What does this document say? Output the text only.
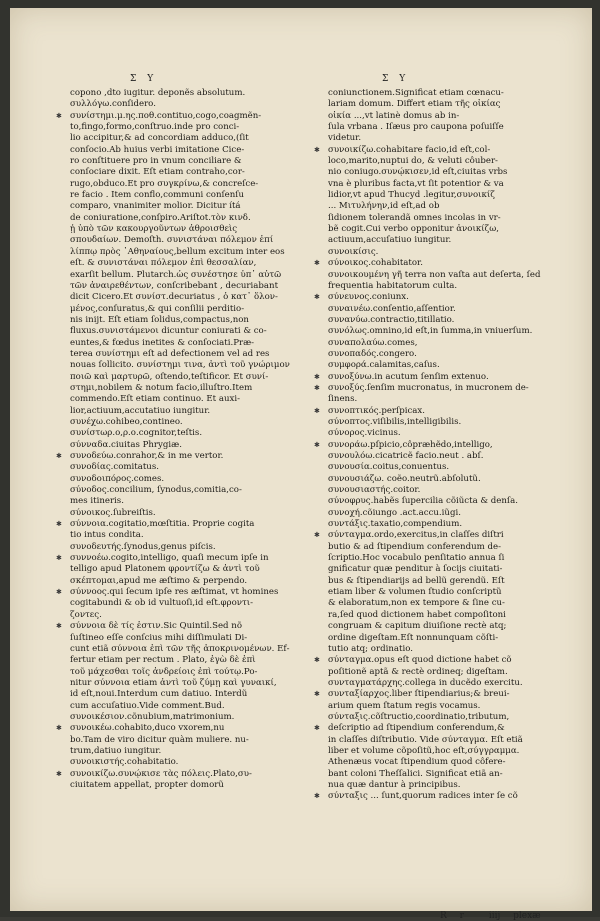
Σ Υ	Σ Υ
copono ,dto iugitur. deponẽs absolutum.
συλλόγω.conſidero.
✱ συνίστημι.μ.ης.ποθ.contituo,cogo,coagmẽn‑
to,fingo,formo,conſtruo.inde pro conci‑
lio accipitur,& ad concordiam adduco,(ſit
conſocio.Ab huius verbi imitatione Cice‑
ro conſtituere pro in vnum conciliare &
conſociare dixit. Eſt etiam contraho,cor‑
rugo,obduco.Et pro συγκρίνω,& concreſce‑
re facio . Item conflo,communi conſenſu
comparo, vnanimiter molior. Dicitur ítá
de coniuratione,conſpiro.Ariſtot.τὸν κινδ.
ᾗ ὑπὸ τῶν κακουργοῦντων ἀθροισθεὶς
σπουδαίων. Demoſth. συνιστάναι πόλεμον ἐπί
λίππῳ πρὸς ᾿Αθηναίους,bellum excitum inter eos
eſt. & συνιστάναι πόλεμον ἐπὶ θεσσαλίαν,
exarſit bellum. Plutarch.ὡς συνέστησε ὑπ᾿ αὐτῶ
τῶν ἀναιρεθέντων, conſcribebant , decuriabant
dicit Cicero.Et συνίστ.decuriatus , ὁ κατ᾿ ὅλον‑
μένος,conſuratus,& qui conſilii perditio‑
nis inijt. Eſt etiam ſolidus,compactus,non
fluxus.συνιστάμενοι dicuntur coniurati & co‑
euntes,& fœdus inetites & conſociati.Præ‑
terea συνίστημι eſt ad defectionem vel ad res
nouas ſollicito. συνίστημι τινα, ἀντὶ τοῦ γνώριμον
ποιῶ καὶ μαρτυρῶ, oſtendo,teſtificor. Et συνί‑
στημι,nobilem & notum facio,illuſtro.Item
commendo.Eſt etiam continuo. Et auxi‑
lior,actiuum,accutatiuo iungitur.
συνέχω.cohibeo,contineo.
συνίστωρ.ο,ρ.ο.cognitor,teſtis.
σύνναδα.ciuitas Phrygiæ.
✱ συνοδεύω.conrahor,& in me vertor.
συνοδίας.comitatus.
συνοδοιπόρος.comes.
σύνοδος.concilium, ſynodus,comitia,co‑
mes itineris.
σύνοικος.ſubreiſtis.
✱ σύννοια.cogitatio,mœſtitia. Proprie cogita
tio intus condita.
συνοδευτής.ſynodus,genus piſcis.
✱ συννοέω.cogito,intelligo, quaſi mecum ipſe in
telligo apud Platonem φροντίζω & ἀντὶ τοῦ
σκέπτομαι,apud me æſtimo & perpendo.
✱ σύννοος.qui ſecum ipſe res æſtimat, vt homines
cogitabundi & ob id vultuoſi,id eſt.φροντι‑
ζοντες.
✱ σύννοια δὲ τίς ἐστιν.Sic Quintil.Sed nõ
ſuſtineo eſſe conſcius mihi diſſimulati Di‑
cunt etiã σύννοια ἐπὶ τῶν τῆς ἀποκρινομένων. Ef‑
fertur etiam per rectum . Plato, ἐγὼ δὲ ἐπὶ
τοῦ μάχεσθαι τοῖς ἀνδρείοις ἐπὶ τούτῳ.Po‑
nitur σύννοια etiam ἀντὶ τοῦ ζύμῃ καὶ γυναικί,
id eſt,noui.Interdum cum datiuo. Interdũ
cum accuſatiuo.Vide comment.Bud.
συνοικέσιον.cõnubium,matrimonium.
✱ συνοικέω.cohabito,duco vxorem,nu
bo.Tam de viro dicitur quàm muliere. nu‑
trum,datiuo iungitur.
συνοικιστής.cohabitatio.
✱ συνοικίζω.συνῴκισε τὰς πόλεις.Plato,συ‑
ciuitatem appellat, propter domorũ
coniunctionem.Significat etiam cœnacu‑
lariam domum. Differt etiam τῆς οἰκίας
οἰκία ...,vt latinè domus ab in‑
ſula vrbana . Iſæus pro caupona poſuiſſe
videtur.
✱ συνοικίζω.cohabitare facio,id eſt,col‑
loco,marito,nuptui do, & veluti côuber‑
nio coniugo.συνῴκισεν,id eſt,ciuitas vrbs
vna è pluribus facta,vt ſit potentior & va
lidior,vt apud Thucyd .legitur,συνοικίζ
... Μιτυλήνην,id eſt,ad ob
ſidionem tolerandã omnes incolas in vr‑
bẽ cogit.Cui verbo opponitur ἀνοικίζω,
actiuum,accuſatiuo iungitur.
συνοικίσις.
✱ σύνοικος.cohabitator.
συνοικουμένη γῆ terra non vaſta aut deſerta, ſed
frequentia habitatorum culta.
✱ σύνευνος.coniunx.
συναινέω.conſentio,aſſentior.
συνανύω.contractio,titillatio.
συνόλως.omnino,id eſt,in ſumma,in vniuerſum.
συναπολαύω.comes,
συνοπαδός.congero.
συμφορά.calamitas,caſus.
✱ συνοξύνω.in acutum ſenſim extenuo.
✱ συνοξύς.ſenſim mucronatus, in mucronem de‑
ſinens.
✱ συνοπτικός.perſpicax.
σύνοπτος.viſibilis,intelligibilis.
σύνορος.vicinus.
✱ συνοράω.pſpicio,côpræhẽdo,intelligo,
συνουλόω.cicatricẽ facio.neut . abſ.
συνουσία.coitus,conuentus.
συνουσιάζω. coẽo.neutrũ.abſolutũ.
συνουσιαστής.coitor.
σύνοφρυς.habẽs ſupercilia cõiũcta & denſa.
συνοχή.cõiungo .act.accu.iũgi.
συντάξις.taxatio,compendium.
✱ σύνταγμα.ordo,exercitus,in claſſes diſtri
butio & ad ſtipendium conferendum de‑
ſcriptio.Hoc vocabulo penſitatio annua ſi
gnificatur quæ penditur à ſocijs ciuitati‑
bus & ſtipendiarijs ad bellũ gerendũ. Eſt
etiam liber & volumen ſtudio conſcriptũ
& elaboratum,non ex tempore & ſine cu‑
ra,ſed quod dictionem habet compoſitoni
congruam & capitum diuiſione rectè atq;
ordine digeſtam.Eſt nonnunquam cõſti‑
tutio atq; ordinatio.
✱ σύνταγμα.opus eſt quod dictione habet cõ
poſitionẽ aptã & rectè ordineq; digeſtam.
συνταγματάρχης.collega in ducẽdo exercitu.
✱ συνταξίαρχος.liber ſtipendiarius;& breui‑
arium quem ſtatum regis vocamus.
σύνταξις.cõſtructio,coordinatio,tributum,
✱ deſcriptio ad ſtipendium conferendum,&
in claſſes diſtributio. Vide σύνταγμα. Eſt etiã
liber et volume cõpoſitũ,hoc eſt,σύγγραμμα.
Athenæus vocat ſtipendium quod côfere‑
bant coloni Theſſalici. Significat etiã an‑
nua quæ dantur à principibus.
✱ σύνταξις ... ſunt,quorum radices inter ſe cõ
R r	iiij plexæ
